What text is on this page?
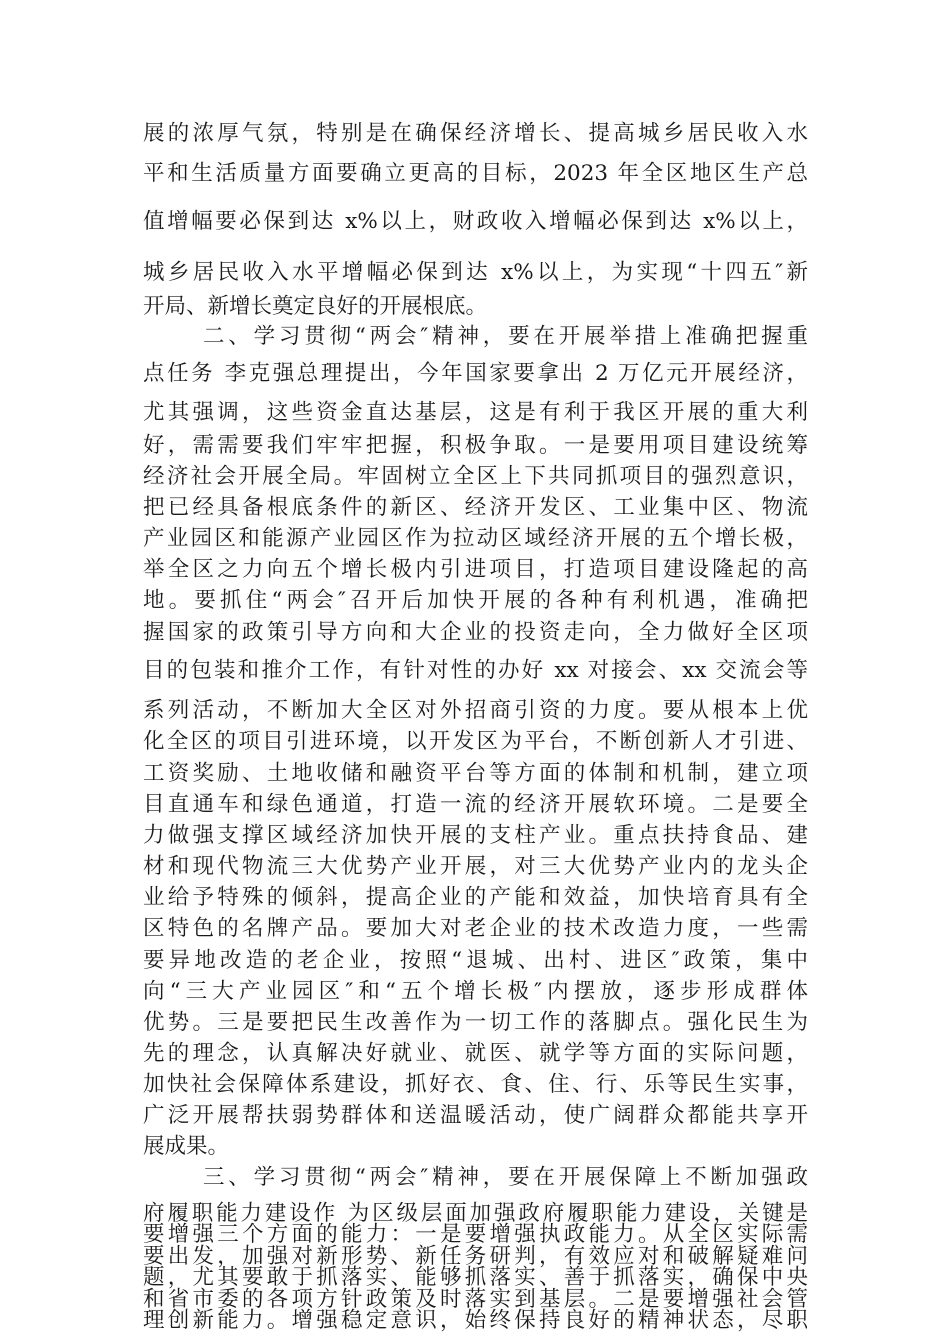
展的浓厚气氛，特别是在确保经济增长、提高城乡居民收入水
平和生活质量方面要确立更高的目标，2023 年全区地区生产总
值增幅要必保到达 x%以上，财政收入增幅必保到达 x%以上，
城乡居民收入水平增幅必保到达 x%以上，为实现“十四五″新
开局、新增长奠定良好的开展根底。
二、学习贯彻“两会″精神，要在开展举措上准确把握重
点任务 李克强总理提出，今年国家要拿出 2 万亿元开展经济，
尤其强调，这些资金直达基层，这是有利于我区开展的重大利
好，需需要我们牢牢把握，积极争取。一是要用项目建设统筹
经济社会开展全局。牢固树立全区上下共同抓项目的强烈意识，
把已经具备根底条件的新区、经济开发区、工业集中区、物流
产业园区和能源产业园区作为拉动区域经济开展的五个增长极，
举全区之力向五个增长极内引进项目，打造项目建设隆起的高
地。要抓住“两会″召开后加快开展的各种有利机遇，准确把
握国家的政策引导方向和大企业的投资走向，全力做好全区项
目的包装和推介工作，有针对性的办好 xx 对接会、xx 交流会等
系列活动，不断加大全区对外招商引资的力度。要从根本上优
化全区的项目引进环境，以开发区为平台，不断创新人才引进、
工资奖励、土地收储和融资平台等方面的体制和机制，建立项
目直通车和绿色通道，打造一流的经济开展软环境。二是要全
力做强支撑区域经济加快开展的支柱产业。重点扶持食品、建
材和现代物流三大优势产业开展，对三大优势产业内的龙头企
业给予特殊的倾斜，提高企业的产能和效益，加快培育具有全
区特色的名牌产品。要加大对老企业的技术改造力度，一些需
要异地改造的老企业，按照“退城、出村、进区″政策，集中
向“三大产业园区″和“五个增长极″内摆放，逐步形成群体
优势。三是要把民生改善作为一切工作的落脚点。强化民生为
先的理念，认真解决好就业、就医、就学等方面的实际问题，
加快社会保障体系建设，抓好衣、食、住、行、乐等民生实事，
广泛开展帮扶弱势群体和送温暖活动，使广阔群众都能共享开
展成果。
三、学习贯彻“两会″精神，要在开展保障上不断加强政
府履职能力建设作 为区级层面加强政府履职能力建设，关键是
要增强三个方面的能力：一是要增强执政能力。从全区实际需
要出发，加强对新形势、新任务研判，有效应对和破解疑难问
题，尤其要敢于抓落实、能够抓落实、善于抓落实，确保中央
和省市委的各项方针政策及时落实到基层。二是要增强社会管
理创新能力。增强稳定意识，始终保持良好的精神状态，尽职
